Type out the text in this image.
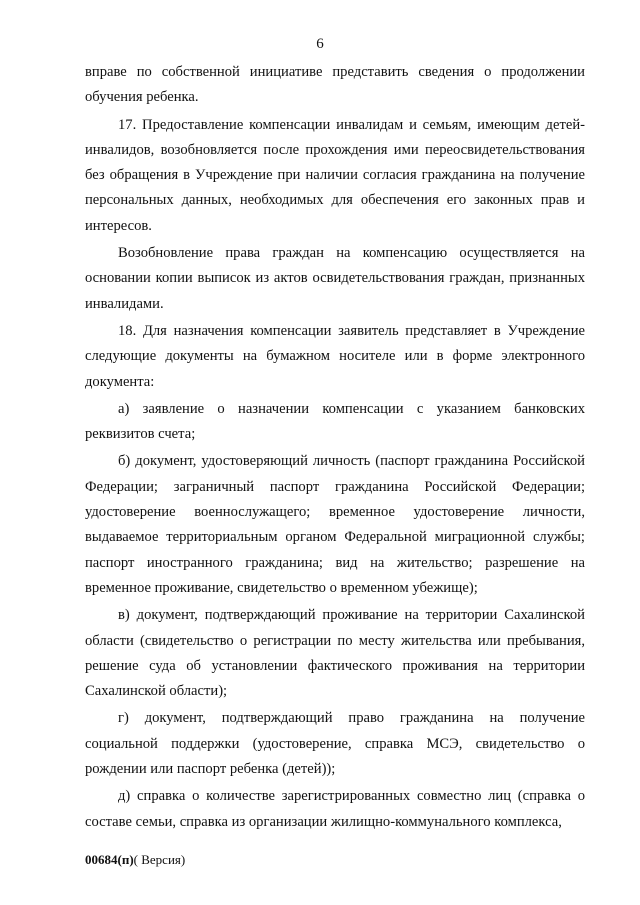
6

вправе по собственной инициативе представить сведения о продолжении обучения ребенка.

17. Предоставление компенсации инвалидам и семьям, имеющим детей-инвалидов, возобновляется после прохождения ими переосвидетельствования без обращения в Учреждение при наличии согласия гражданина на получение персональных данных, необходимых для обеспечения его законных прав и интересов.

Возобновление права граждан на компенсацию осуществляется на основании копии выписок из актов освидетельствования граждан, признанных инвалидами.

18. Для назначения компенсации заявитель представляет в Учреждение следующие документы на бумажном носителе или в форме электронного документа:

а) заявление о назначении компенсации с указанием банковских реквизитов счета;

б) документ, удостоверяющий личность (паспорт гражданина Российской Федерации; заграничный паспорт гражданина Российской Федерации; удостоверение военнослужащего; временное удостоверение личности, выдаваемое территориальным органом Федеральной миграционной службы; паспорт иностранного гражданина; вид на жительство; разрешение на временное проживание, свидетельство о временном убежище);

в) документ, подтверждающий проживание на территории Сахалинской области (свидетельство о регистрации по месту жительства или пребывания, решение суда об установлении фактического проживания на территории Сахалинской области);

г) документ, подтверждающий право гражданина на получение социальной поддержки (удостоверение, справка МСЭ, свидетельство о рождении или паспорт ребенка (детей));

д) справка о количестве зарегистрированных совместно лиц (справка о составе семьи, справка из организации жилищно-коммунального комплекса,

00684(п)( Версия)
